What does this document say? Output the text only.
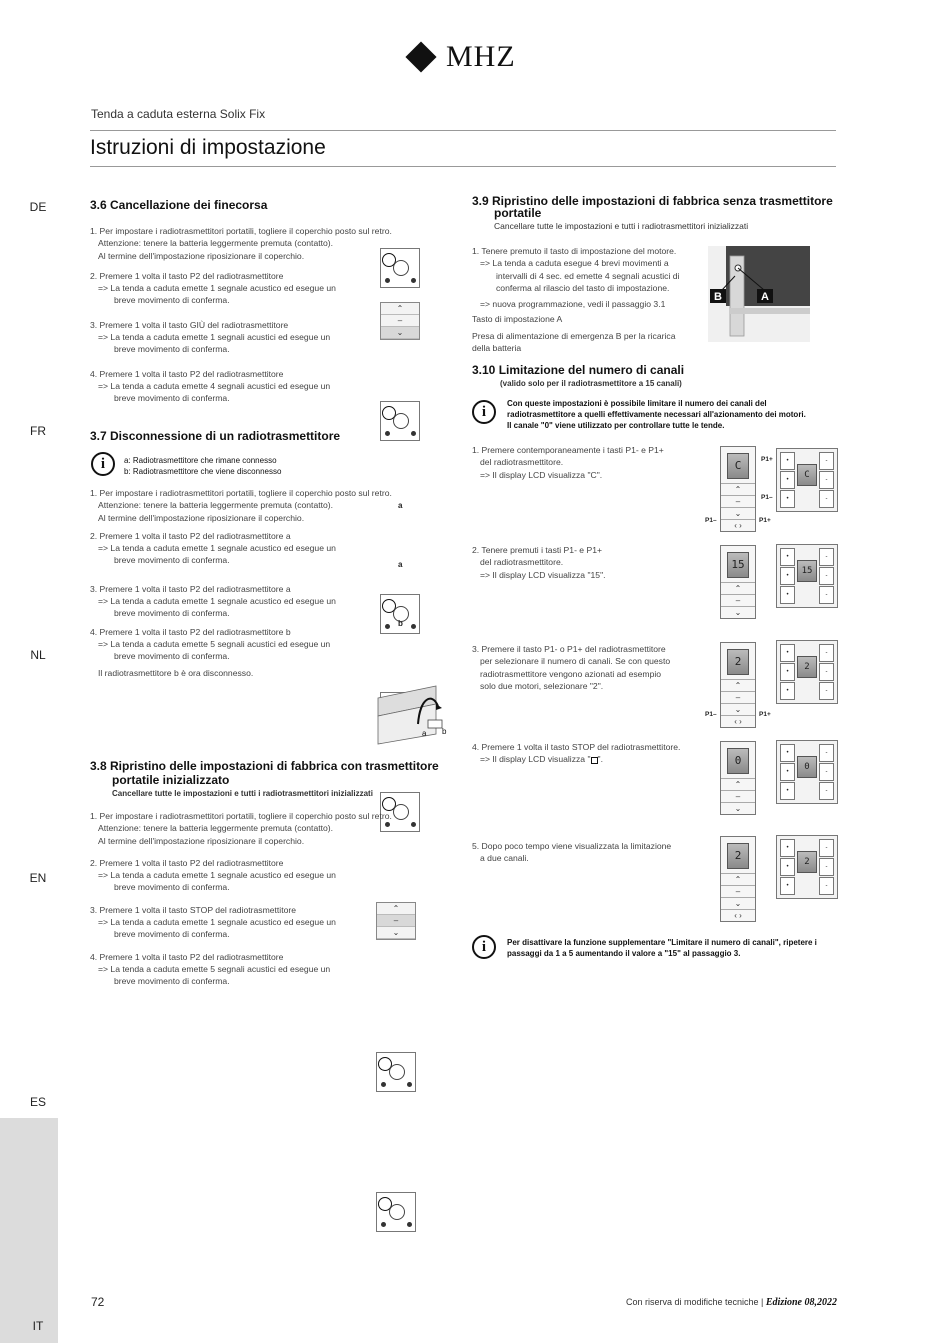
MHZ
Tenda a caduta esterna Solix Fix
Istruzioni di impostazione
DE
FR
NL
EN
ES
IT
3.6 Cancellazione dei finecorsa
1. Per impostare i radiotrasmettitori portatili, togliere il coperchio posto sul retro.
Attenzione: tenere la batteria leggermente premuta (contatto).
Al termine dell'impostazione riposizionare il coperchio.
2. Premere 1 volta il tasto P2 del radiotrasmettitore
=> La tenda a caduta emette 1 segnale acustico ed esegue un
breve movimento di conferma.
3. Premere 1 volta il tasto GIÙ del radiotrasmettitore
=> La tenda a caduta emette 1 segnali acustici ed esegue un
breve movimento di conferma.
4. Premere 1 volta il tasto P2 del radiotrasmettitore
=> La tenda a caduta emette 4 segnali acustici ed esegue un
breve movimento di conferma.
⌃
–
⌄
3.7 Disconnessione di un radiotrasmettitore
i	a: Radiotrasmettitore che rimane connesso
b: Radiotrasmettitore che viene disconnesso
1. Per impostare i radiotrasmettitori portatili, togliere il coperchio posto sul retro.
Attenzione: tenere la batteria leggermente premuta (contatto).
Al termine dell'impostazione riposizionare il coperchio.
2. Premere 1 volta il tasto P2 del radiotrasmettitore a
=> La tenda a caduta emette 1 segnale acustico ed esegue un
breve movimento di conferma.
3. Premere 1 volta il tasto P2 del radiotrasmettitore a
=> La tenda a caduta emette 1 segnale acustico ed esegue un
breve movimento di conferma.
4. Premere 1 volta il tasto P2 del radiotrasmettitore b
=> La tenda a caduta emette 5 segnali acustici ed esegue un
breve movimento di conferma.
Il radiotrasmettitore b è ora disconnesso.
a
a
b
a b
3.8 Ripristino delle impostazioni di fabbrica con trasmettitore
portatile inizializzato
Cancellare tutte le impostazioni e tutti i radiotrasmettitori inizializzati
1. Per impostare i radiotrasmettitori portatili, togliere il coperchio posto sul retro.
Attenzione: tenere la batteria leggermente premuta (contatto).
Al termine dell'impostazione riposizionare il coperchio.
2. Premere 1 volta il tasto P2 del radiotrasmettitore
=> La tenda a caduta emette 1 segnale acustico ed esegue un
breve movimento di conferma.
3. Premere 1 volta il tasto STOP del radiotrasmettitore
=> La tenda a caduta emette 1 segnale acustico ed esegue un
breve movimento di conferma.
4. Premere 1 volta il tasto P2 del radiotrasmettitore
=> La tenda a caduta emette 5 segnali acustici ed esegue un
breve movimento di conferma.
⌃
–
⌄
3.9 Ripristino delle impostazioni di fabbrica senza trasmettitore
portatile
Cancellare tutte le impostazioni e tutti i radiotrasmettitori inizializzati
1. Tenere premuto il tasto di impostazione del motore.
=> La tenda a caduta esegue 4 brevi movimenti a
intervalli di 4 sec. ed emette 4 segnali acustici di
conferma al rilascio del tasto di impostazione.
=> nuova programmazione, vedi il passaggio 3.1
Tasto di impostazione A
Presa di alimentazione di emergenza B per la ricarica
della batteria
B	A
3.10 Limitazione del numero di canali
(valido solo per il radiotrasmettitore a 15 canali)
i	Con queste impostazioni è possibile limitare il numero dei canali del
radiotrasmettitore a quelli effettivamente necessari all'azionamento dei motori.
Il canale "0" viene utilizzato per controllare tutte le tende.
1. Premere contemporaneamente i tasti P1- e P1+
del radiotrasmettitore.
=> Il display LCD visualizza "C".
2. Tenere premuti i tasti P1- e P1+
del radiotrasmettitore.
=> Il display LCD visualizza "15".
3. Premere il tasto P1- o P1+ del radiotrasmettitore
per selezionare il numero di canali. Se con questo
radiotrasmettitore vengono azionati ad esempio
solo due motori, selezionare "2".
4. Premere 1 volta il tasto STOP del radiotrasmettitore.
=> Il display LCD visualizza " ".
5. Dopo poco tempo viene visualizzata la limitazione
a due canali.
C
⌃
–
⌄
‹ ›
P1–	P1+
•
•
•
C
-
-
-
P1+
P1–
15
⌃
–
⌄
•
•
•
15
-
-
-
2
⌃
–
⌄
‹ ›
P1–	P1+
•
•
•
2
-
-
-
0
⌃
–
⌄
•
•
•
0
-
-
-
2
⌃
–
⌄
‹ ›
•
•
•
2
-
-
-
i	Per disattivare la funzione supplementare "Limitare il numero di canali", ripetere i
passaggi da 1 a 5 aumentando il valore a "15" al passaggio 3.
72	Con riserva di modifiche tecniche | Edizione 08,2022
